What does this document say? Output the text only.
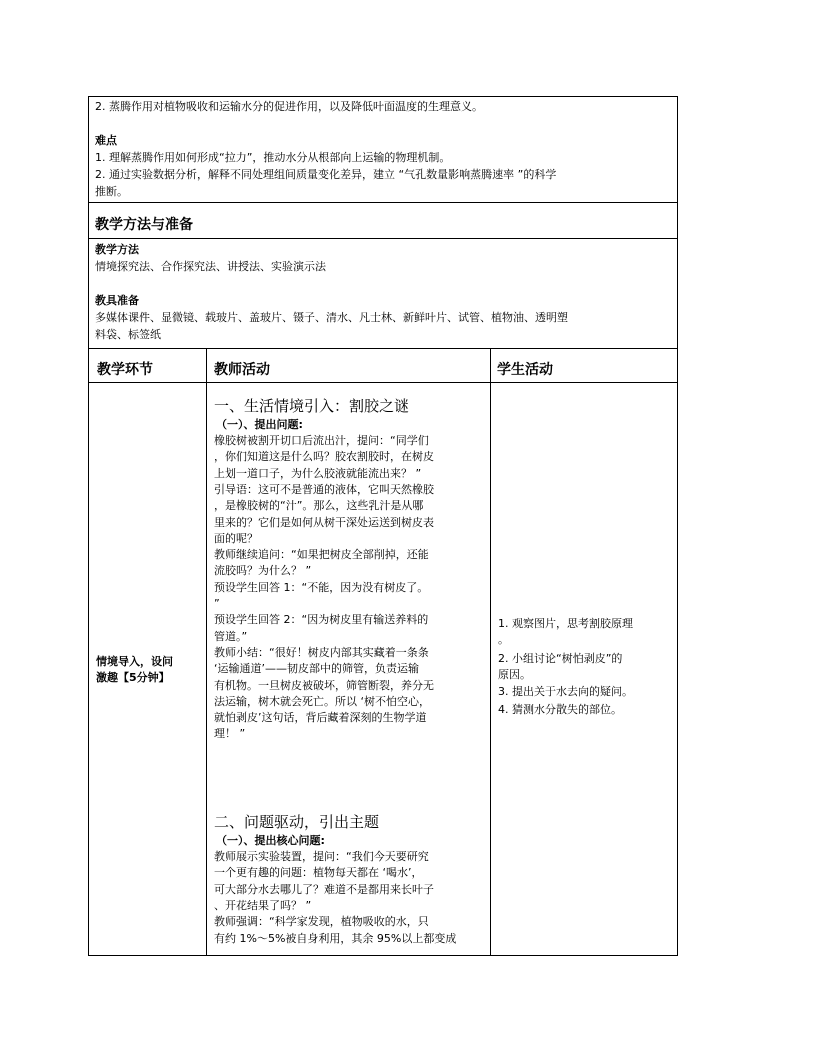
2. 蒸腾作用对植物吸收和运输水分的促进作用，以及降低叶面温度的生理意义。
难点
1. 理解蒸腾作用如何形成“拉力”，推动水分从根部向上运输的物理机制。
2. 通过实验数据分析，解释不同处理组间质量变化差异，建立 “气孔数量影响蒸腾速率 ”的科学
推断。
教学方法与准备
教学方法
情境探究法、合作探究法、讲授法、实验演示法
教具准备
多媒体课件、显微镜、载玻片、盖玻片、镊子、清水、凡士林、新鲜叶片、试管、植物油、透明塑
料袋、标签纸
教学环节	教师活动	学生活动
情境导入，设问
激趣【5分钟】
一、生活情境引入：割胶之谜
（一）、提出问题:
橡胶树被割开切口后流出汁，提问：“同学们
，你们知道这是什么吗？胶农割胶时，在树皮
上划一道口子，为什么胶液就能流出来？ ”
引导语：这可不是普通的液体，它叫天然橡胶
，是橡胶树的“汁”。那么，这些乳汁是从哪
里来的？它们是如何从树干深处运送到树皮表
面的呢？
教师继续追问：“如果把树皮全部削掉，还能
流胶吗？为什么？ ”
预设学生回答 1：“不能，因为没有树皮了。
”
预设学生回答 2：“因为树皮里有输送养料的
管道。”
教师小结：“很好！树皮内部其实藏着一条条
‘运输通道’——韧皮部中的筛管，负责运输
有机物。一旦树皮被破坏，筛管断裂，养分无
法运输，树木就会死亡。所以 ‘树不怕空心，
就怕剥皮’这句话，背后藏着深刻的生物学道
理！ ”
二、问题驱动，引出主题
（一）、提出核心问题:
教师展示实验装置，提问：“我们今天要研究
一个更有趣的问题：植物每天都在 ‘喝水’，
可大部分水去哪儿了？难道不是都用来长叶子
、开花结果了吗？ ”
教师强调：“科学家发现，植物吸收的水，只
有约 1%～5%被自身利用，其余 95%以上都变成
1. 观察图片，思考割胶原理
。
2. 小组讨论“树怕剥皮”的
原因。
3. 提出关于水去向的疑问。
4. 猜测水分散失的部位。
